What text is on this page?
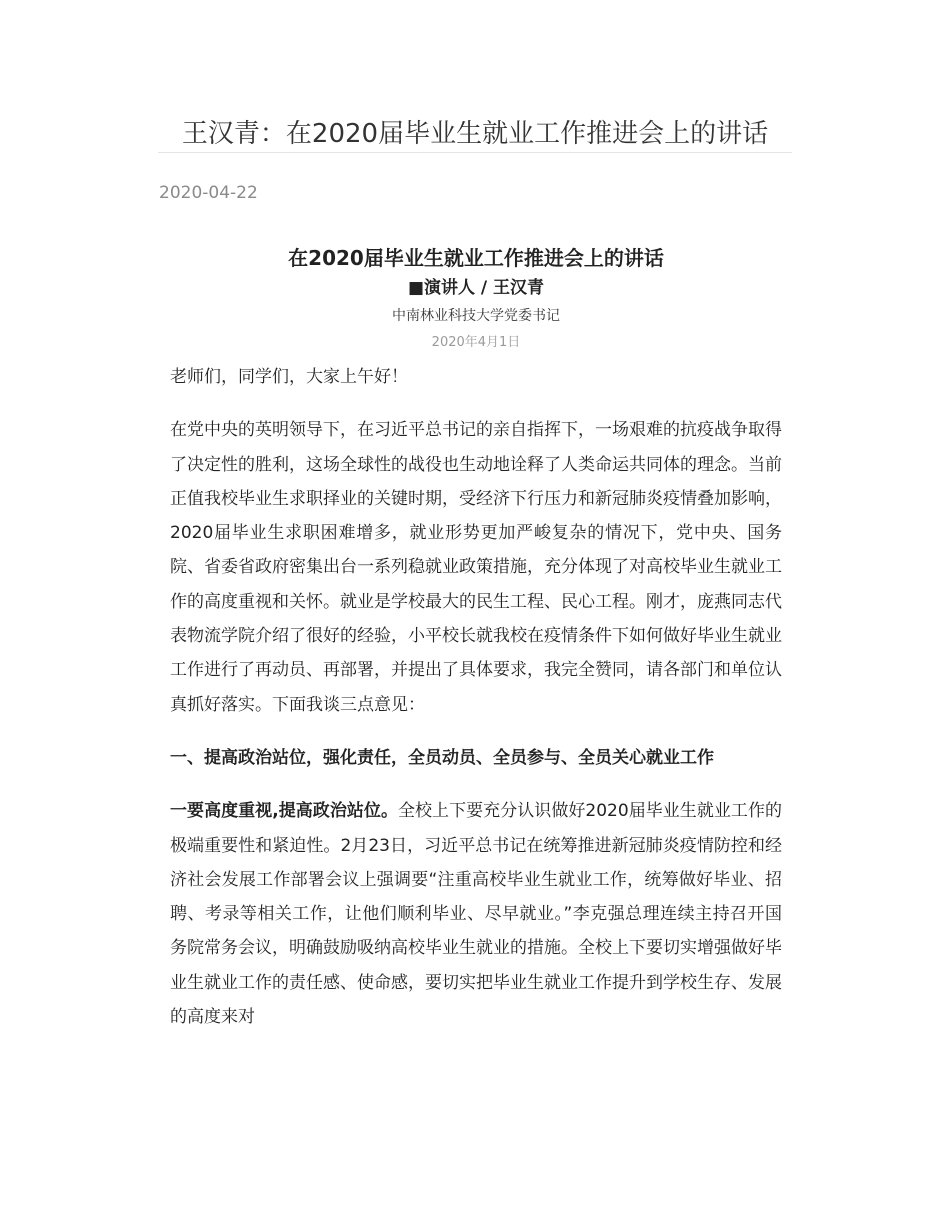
王汉青：在2020届毕业生就业工作推进会上的讲话
2020-04-22
在2020届毕业生就业工作推进会上的讲话
■演讲人 / 王汉青
中南林业科技大学党委书记
2020年4月1日

老师们，同学们，大家上午好！

在党中央的英明领导下，在习近平总书记的亲自指挥下，一场艰难的抗疫战争取得了决定性的胜利，这场全球性的战役也生动地诠释了人类命运共同体的理念。当前正值我校毕业生求职择业的关键时期，受经济下行压力和新冠肺炎疫情叠加影响，2020届毕业生求职困难增多，就业形势更加严峻复杂的情况下，党中央、国务院、省委省政府密集出台一系列稳就业政策措施，充分体现了对高校毕业生就业工作的高度重视和关怀。就业是学校最大的民生工程、民心工程。刚才，庞燕同志代表物流学院介绍了很好的经验，小平校长就我校在疫情条件下如何做好毕业生就业工作进行了再动员、再部署，并提出了具体要求，我完全赞同，请各部门和单位认真抓好落实。下面我谈三点意见：

一、提高政治站位，强化责任，全员动员、全员参与、全员关心就业工作

一要高度重视,提高政治站位。全校上下要充分认识做好2020届毕业生就业工作的极端重要性和紧迫性。2月23日，习近平总书记在统筹推进新冠肺炎疫情防控和经济社会发展工作部署会议上强调要“注重高校毕业生就业工作，统筹做好毕业、招聘、考录等相关工作，让他们顺利毕业、尽早就业。”李克强总理连续主持召开国务院常务会议，明确鼓励吸纳高校毕业生就业的措施。全校上下要切实增强做好毕业生就业工作的责任感、使命感，要切实把毕业生就业工作提升到学校生存、发展的高度来对
